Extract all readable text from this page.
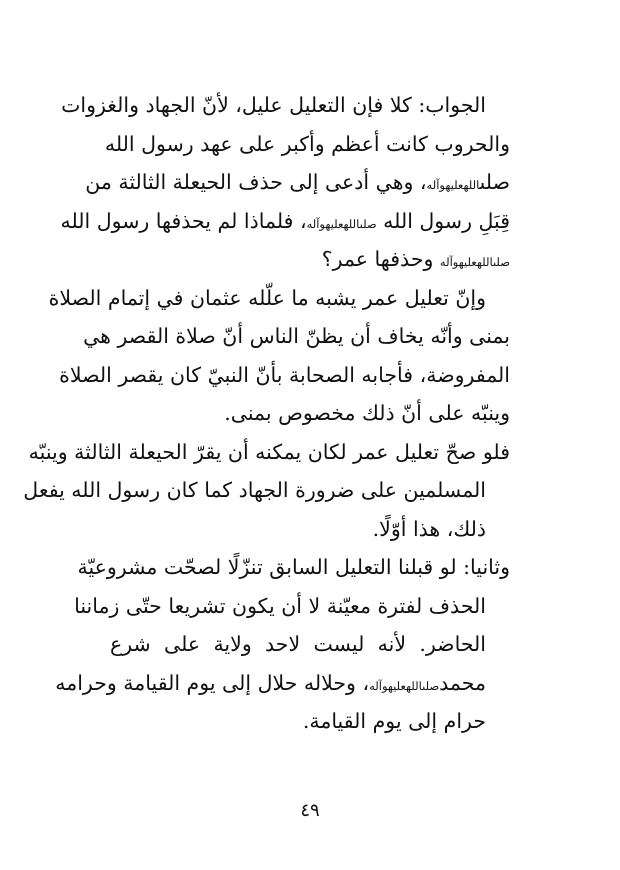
الجواب: كلا فإن التعليل عليل، لأنّ الجهاد والغزوات
والحروب كانت أعظم وأكبر على عهد رسول الله
صلىاللهعليهوآله، وهي أدعى إلى حذف الحيعلة الثالثة من
قِبَلِ رسول الله صلىاللهعليهوآله، فلماذا لم يحذفها رسول الله
صلىاللهعليهوآله وحذفها عمر؟
وإنّ تعليل عمر يشبه ما علّله عثمان في إتمام الصلاة
بمنى وأنّه يخاف أن يظنّ الناس أنّ صلاة القصر هي
المفروضة، فأجابه الصحابة بأنّ النبيّ كان يقصر الصلاة
وينبّه على أنّ ذلك مخصوص بمنى.
فلو صحّ تعليل عمر لكان يمكنه أن يقرّ الحيعلة الثالثة وينبّه
المسلمين على ضرورة الجهاد كما كان رسول الله يفعل
ذلك، هذا أوّلًا.
وثانيا: لو قبلنا التعليل السابق تنزّلًا لصحّت مشروعيّة
الحذف لفترة معيّنة لا أن يكون تشريعا حتّى زماننا
الحاضر. لأنه ليست لاحد ولاية على شرع
محمدصلىاللهعليهوآله، وحلاله حلال إلى يوم القيامة وحرامه
حرام إلى يوم القيامة.
٤٩
